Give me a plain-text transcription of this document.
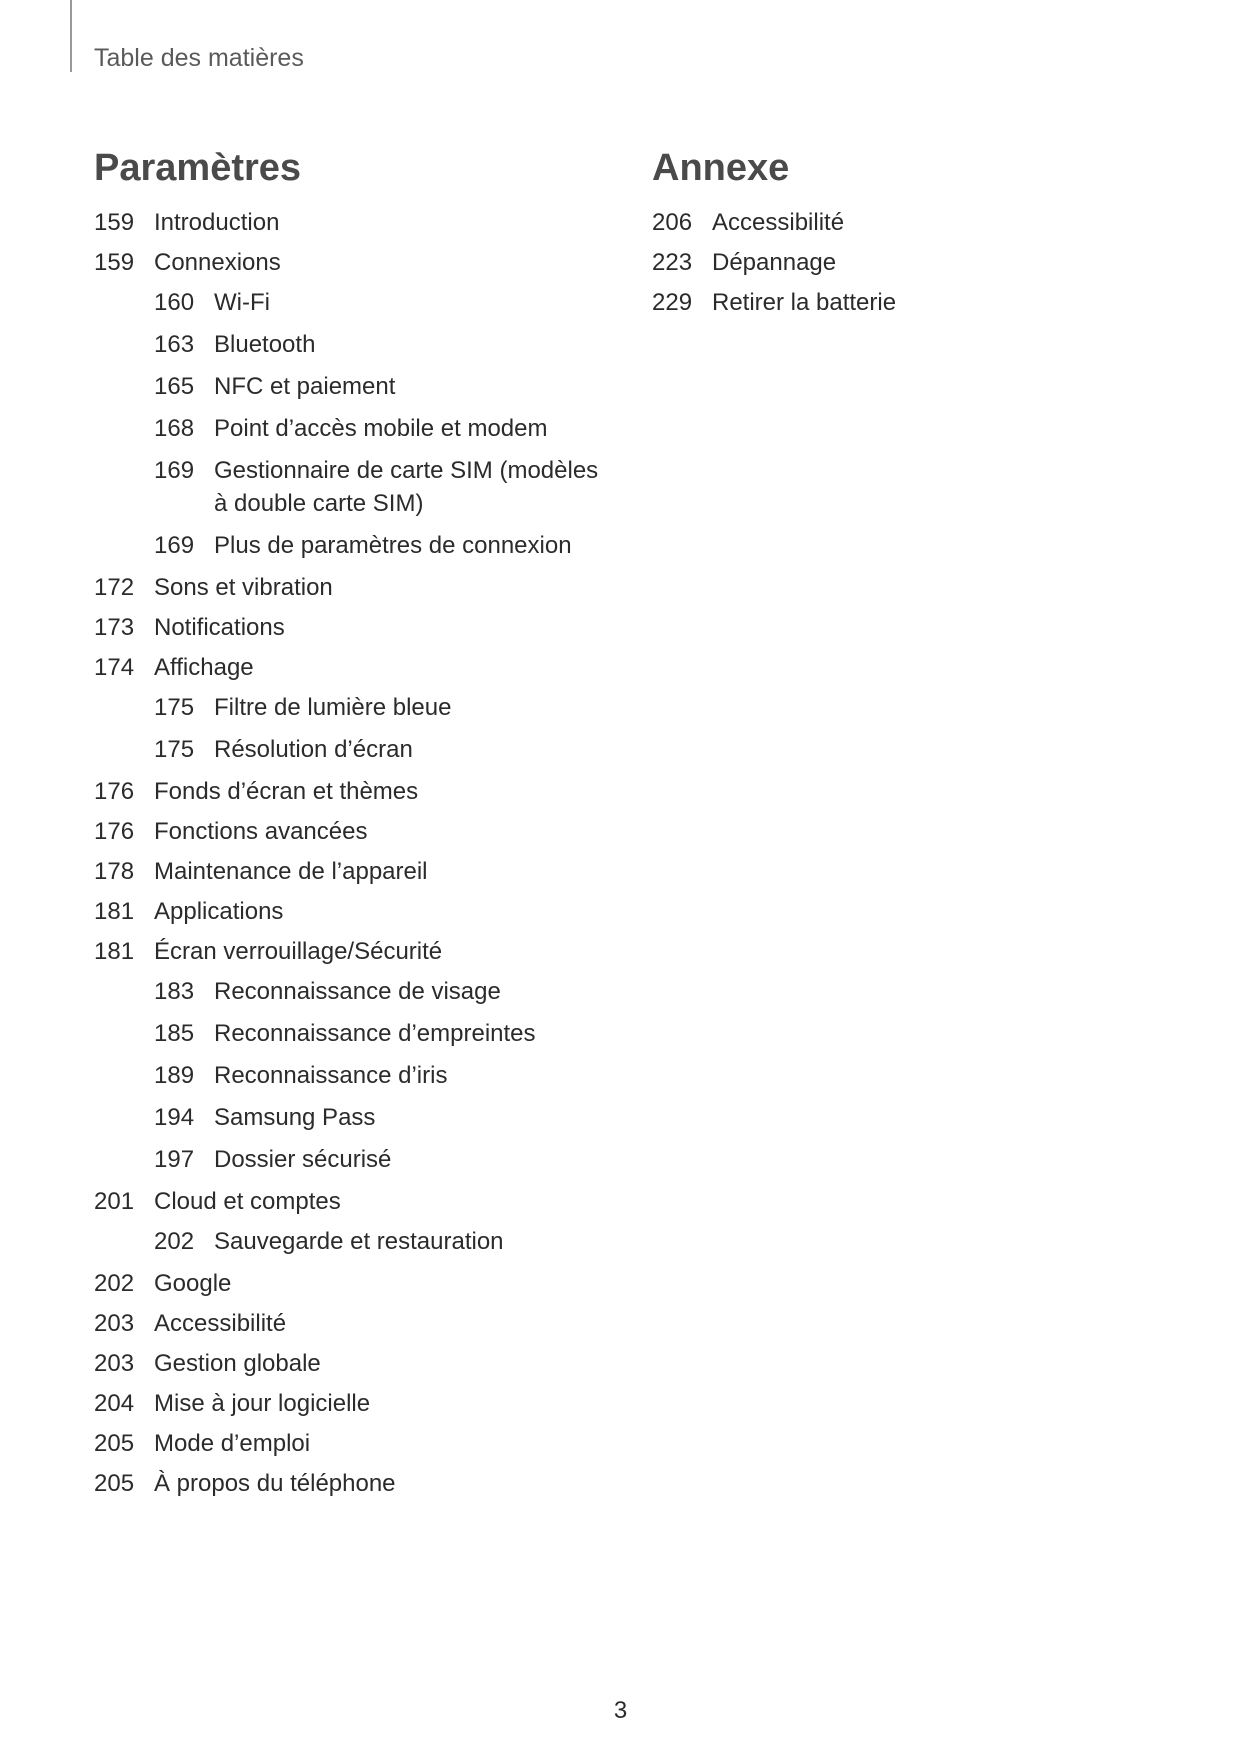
Table des matières
Paramètres
159 Introduction
159 Connexions
160 Wi-Fi
163 Bluetooth
165 NFC et paiement
168 Point d’accès mobile et modem
169 Gestionnaire de carte SIM (modèles
à double carte SIM)
169 Plus de paramètres de connexion
172 Sons et vibration
173 Notifications
174 Affichage
175 Filtre de lumière bleue
175 Résolution d’écran
176 Fonds d’écran et thèmes
176 Fonctions avancées
178 Maintenance de l’appareil
181 Applications
181 Écran verrouillage/Sécurité
183 Reconnaissance de visage
185 Reconnaissance d’empreintes
189 Reconnaissance d’iris
194 Samsung Pass
197 Dossier sécurisé
201 Cloud et comptes
202 Sauvegarde et restauration
202 Google
203 Accessibilité
203 Gestion globale
204 Mise à jour logicielle
205 Mode d’emploi
205 À propos du téléphone
Annexe
206 Accessibilité
223 Dépannage
229 Retirer la batterie
3
